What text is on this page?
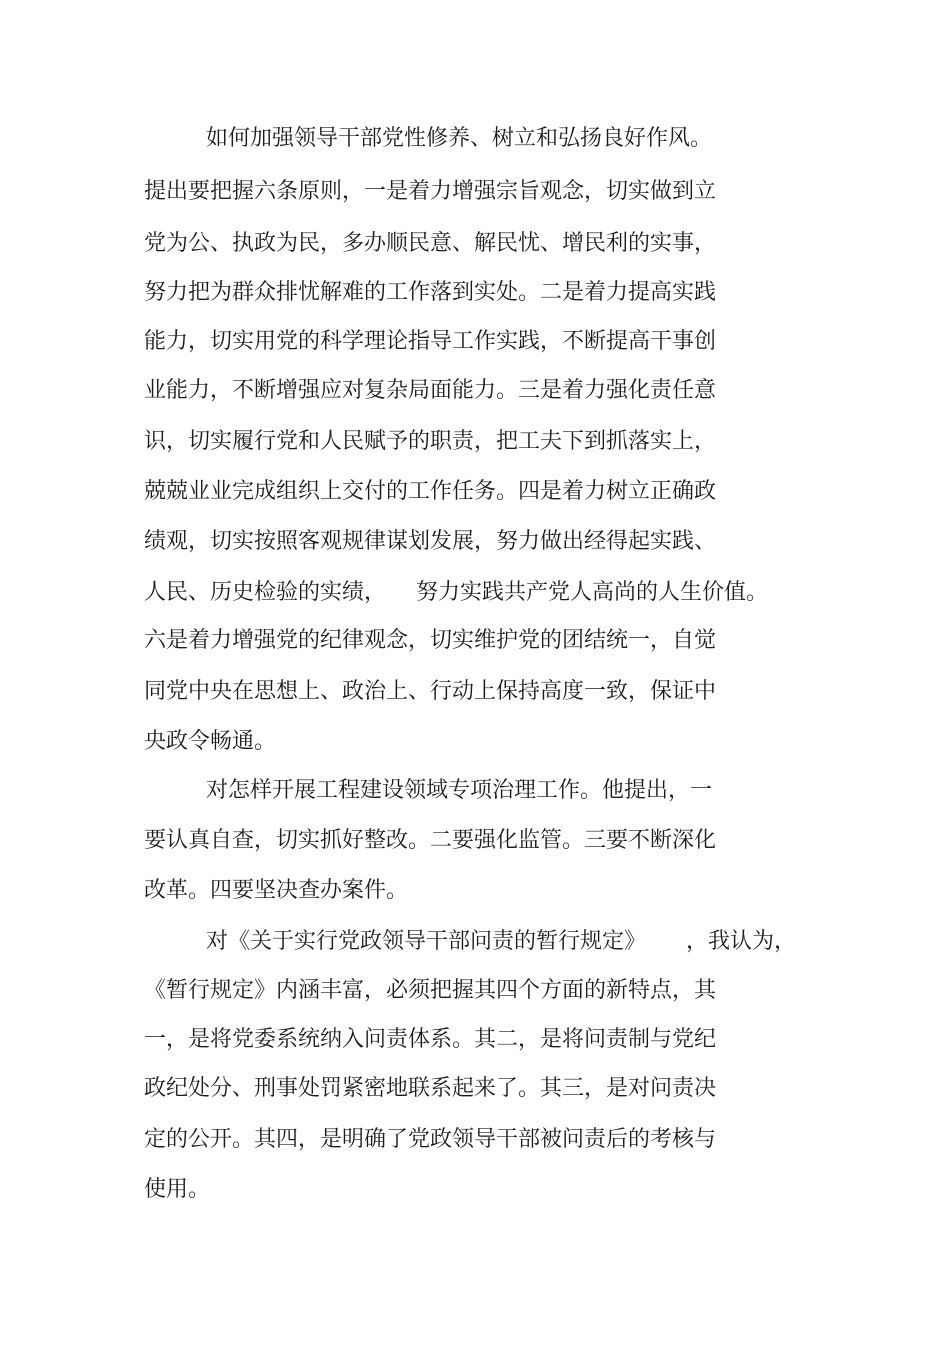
如何加强领导干部党性修养、树立和弘扬良好作风。
提出要把握六条原则，一是着力增强宗旨观念，切实做到立
党为公、执政为民，多办顺民意、解民忧、增民利的实事，
努力把为群众排忧解难的工作落到实处。二是着力提高实践
能力，切实用党的科学理论指导工作实践，不断提高干事创
业能力，不断增强应对复杂局面能力。三是着力强化责任意
识，切实履行党和人民赋予的职责，把工夫下到抓落实上，
兢兢业业完成组织上交付的工作任务。四是着力树立正确政
绩观，切实按照客观规律谋划发展，努力做出经得起实践、
人民、历史检验的实绩， 努力实践共产党人高尚的人生价值。
六是着力增强党的纪律观念，切实维护党的团结统一，自觉
同党中央在思想上、政治上、行动上保持高度一致，保证中
央政令畅通。
对怎样开展工程建设领域专项治理工作。他提出，一
要认真自查，切实抓好整改。二要强化监管。三要不断深化
改革。四要坚决查办案件。
对《关于实行党政领导干部问责的暂行规定》 ，我认为，
《暂行规定》内涵丰富，必须把握其四个方面的新特点，其
一，是将党委系统纳入问责体系。其二，是将问责制与党纪
政纪处分、刑事处罚紧密地联系起来了。其三，是对问责决
定的公开。其四，是明确了党政领导干部被问责后的考核与
使用。
